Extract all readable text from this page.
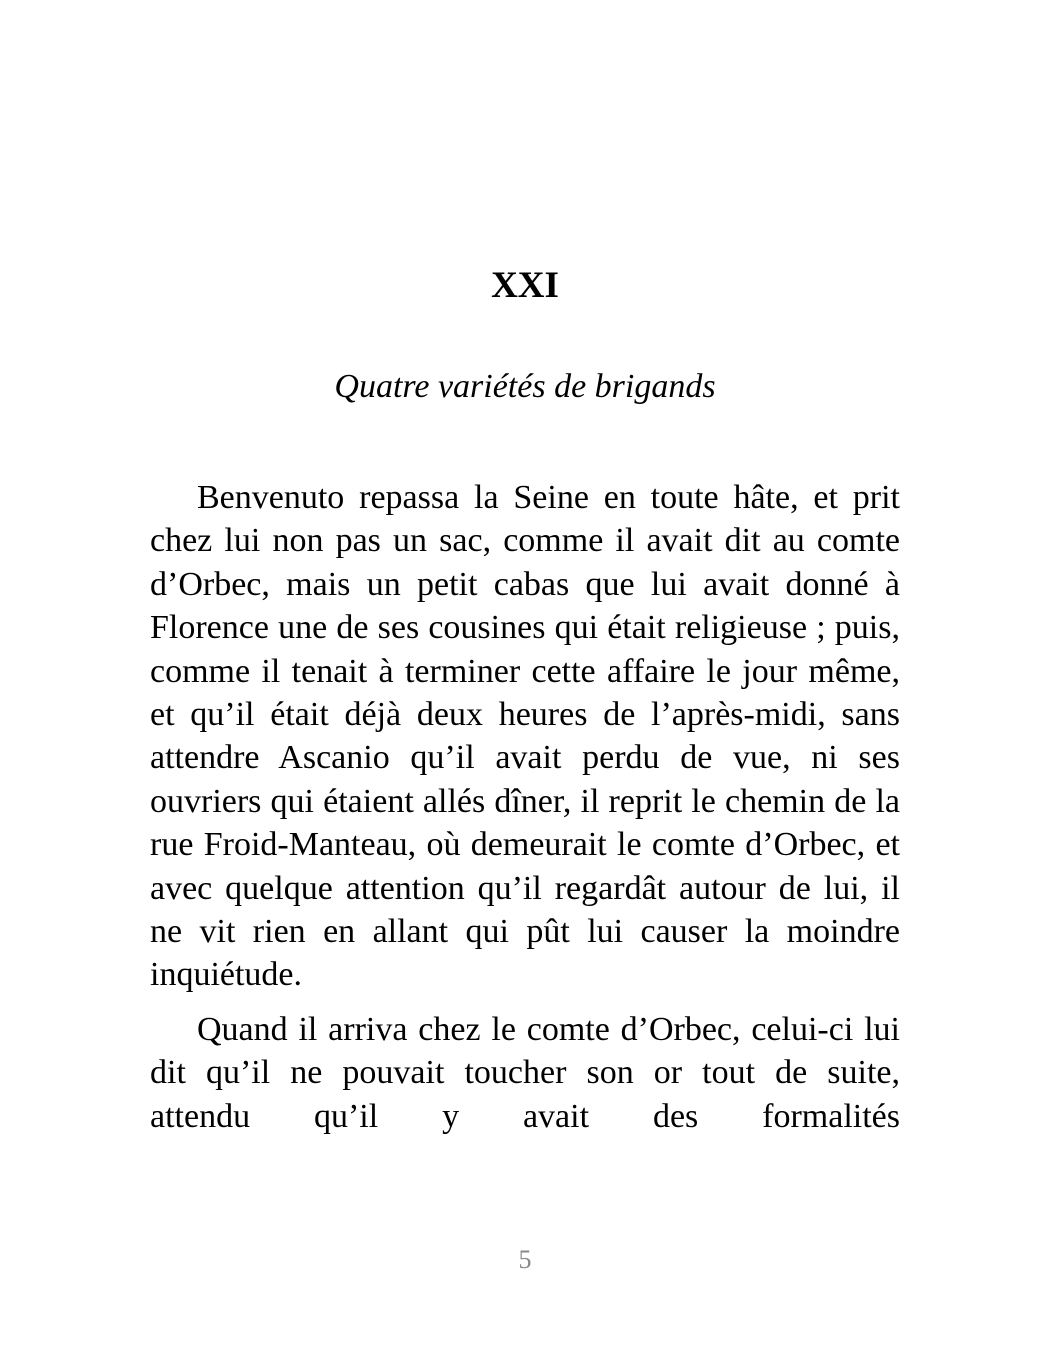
XXI
Quatre variétés de brigands

Benvenuto repassa la Seine en toute hâte, et prit chez lui non pas un sac, comme il avait dit au comte d’Orbec, mais un petit cabas que lui avait donné à Florence une de ses cousines qui était religieuse ; puis, comme il tenait à terminer cette affaire le jour même, et qu’il était déjà deux heures de l’après-midi, sans attendre Ascanio qu’il avait perdu de vue, ni ses ouvriers qui étaient allés dîner, il reprit le chemin de la rue Froid-Manteau, où demeurait le comte d’Orbec, et avec quelque attention qu’il regardât autour de lui, il ne vit rien en allant qui pût lui causer la moindre inquiétude.

Quand il arriva chez le comte d’Orbec, celui-ci lui dit qu’il ne pouvait toucher son or tout de suite, attendu qu’il y avait des formalités

5
